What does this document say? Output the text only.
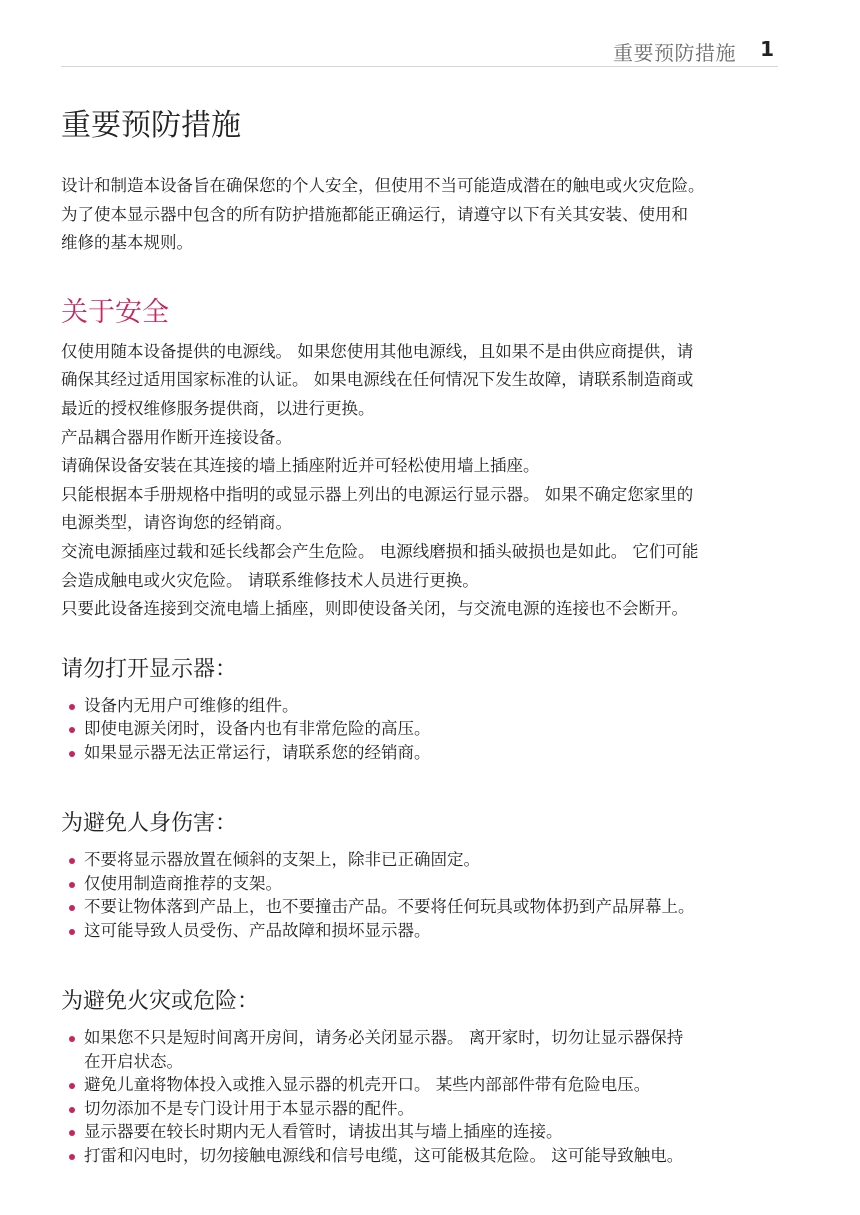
重要预防措施 1
重要预防措施

设计和制造本设备旨在确保您的个人安全，但使用不当可能造成潜在的触电或火灾危险。

为了使本显示器中包含的所有防护措施都能正确运行，请遵守以下有关其安装、使用和

维修的基本规则。

关于安全

仅使用随本设备提供的电源线。 如果您使用其他电源线，且如果不是由供应商提供，请

确保其经过适用国家标准的认证。 如果电源线在任何情况下发生故障，请联系制造商或

最近的授权维修服务提供商，以进行更换。

产品耦合器用作断开连接设备。

请确保设备安装在其连接的墙上插座附近并可轻松使用墙上插座。

只能根据本手册规格中指明的或显示器上列出的电源运行显示器。 如果不确定您家里的

电源类型，请咨询您的经销商。

交流电源插座过载和延长线都会产生危险。 电源线磨损和插头破损也是如此。 它们可能

会造成触电或火灾危险。 请联系维修技术人员进行更换。

只要此设备连接到交流电墙上插座，则即使设备关闭，与交流电源的连接也不会断开。

请勿打开显示器：
设备内无用户可维修的组件。
即使电源关闭时，设备内也有非常危险的高压。
如果显示器无法正常运行，请联系您的经销商。
为避免人身伤害：
不要将显示器放置在倾斜的支架上，除非已正确固定。
仅使用制造商推荐的支架。
不要让物体落到产品上，也不要撞击产品。不要将任何玩具或物体扔到产品屏幕上。
这可能导致人员受伤、产品故障和损坏显示器。
为避免火灾或危险：
如果您不只是短时间离开房间，请务必关闭显示器。 离开家时，切勿让显示器保持
在开启状态。
避免儿童将物体投入或推入显示器的机壳开口。 某些内部部件带有危险电压。
切勿添加不是专门设计用于本显示器的配件。
显示器要在较长时期内无人看管时，请拔出其与墙上插座的连接。
打雷和闪电时，切勿接触电源线和信号电缆，这可能极其危险。 这可能导致触电。
